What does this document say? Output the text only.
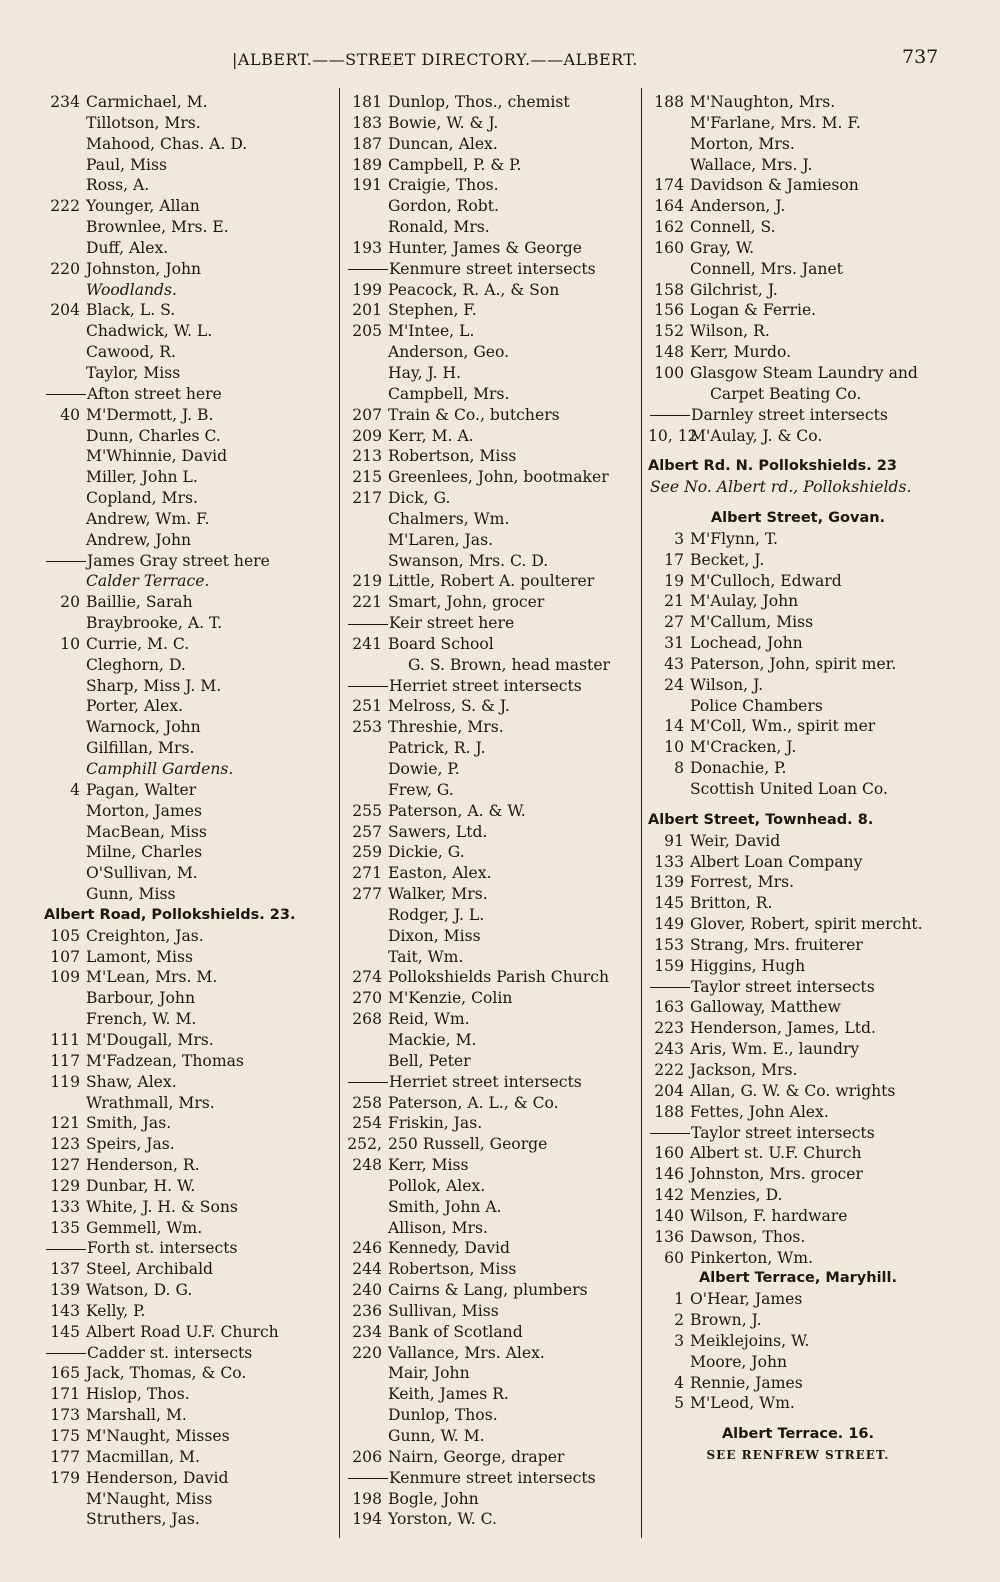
|ALBERT.——STREET DIRECTORY.——ALBERT.	737
234 Carmichael, M.
Tillotson, Mrs.
Mahood, Chas. A. D.
Paul, Miss
Ross, A.
222 Younger, Allan
Brownlee, Mrs. E.
Duff, Alex.
220 Johnston, John
Woodlands.
204 Black, L. S.
Chadwick, W. L.
Cawood, R.
Taylor, Miss
Afton street here
40 M'Dermott, J. B.
Dunn, Charles C.
M'Whinnie, David
Miller, John L.
Copland, Mrs.
Andrew, Wm. F.
Andrew, John
James Gray street here
Calder Terrace.
20 Baillie, Sarah
Braybrooke, A. T.
10 Currie, M. C.
Cleghorn, D.
Sharp, Miss J. M.
Porter, Alex.
Warnock, John
Gilfillan, Mrs.
Camphill Gardens.
4 Pagan, Walter
Morton, James
MacBean, Miss
Milne, Charles
O'Sullivan, M.
Gunn, Miss
Albert Road, Pollokshields. 23.
105 Creighton, Jas.
107 Lamont, Miss
109 M'Lean, Mrs. M.
Barbour, John
French, W. M.
111 M'Dougall, Mrs.
117 M'Fadzean, Thomas
119 Shaw, Alex.
Wrathmall, Mrs.
121 Smith, Jas.
123 Speirs, Jas.
127 Henderson, R.
129 Dunbar, H. W.
133 White, J. H. & Sons
135 Gemmell, Wm.
Forth st. intersects
137 Steel, Archibald
139 Watson, D. G.
143 Kelly, P.
145 Albert Road U.F. Church
Cadder st. intersects
165 Jack, Thomas, & Co.
171 Hislop, Thos.
173 Marshall, M.
175 M'Naught, Misses
177 Macmillan, M.
179 Henderson, David
M'Naught, Miss
Struthers, Jas.
181 Dunlop, Thos., chemist
183 Bowie, W. & J.
187 Duncan, Alex.
189 Campbell, P. & P.
191 Craigie, Thos.
Gordon, Robt.
Ronald, Mrs.
193 Hunter, James & George
Kenmure street intersects
199 Peacock, R. A., & Son
201 Stephen, F.
205 M'Intee, L.
Anderson, Geo.
Hay, J. H.
Campbell, Mrs.
207 Train & Co., butchers
209 Kerr, M. A.
213 Robertson, Miss
215 Greenlees, John, bootmaker
217 Dick, G.
Chalmers, Wm.
M'Laren, Jas.
Swanson, Mrs. C. D.
219 Little, Robert A. poulterer
221 Smart, John, grocer
Keir street here
241 Board School
G. S. Brown, head master
Herriet street intersects
251 Melross, S. & J.
253 Threshie, Mrs.
Patrick, R. J.
Dowie, P.
Frew, G.
255 Paterson, A. & W.
257 Sawers, Ltd.
259 Dickie, G.
271 Easton, Alex.
277 Walker, Mrs.
Rodger, J. L.
Dixon, Miss
Tait, Wm.
274 Pollokshields Parish Church
270 M'Kenzie, Colin
268 Reid, Wm.
Mackie, M.
Bell, Peter
Herriet street intersects
258 Paterson, A. L., & Co.
254 Friskin, Jas.
252, 250 Russell, George
248 Kerr, Miss
Pollok, Alex.
Smith, John A.
Allison, Mrs.
246 Kennedy, David
244 Robertson, Miss
240 Cairns & Lang, plumbers
236 Sullivan, Miss
234 Bank of Scotland
220 Vallance, Mrs. Alex.
Mair, John
Keith, James R.
Dunlop, Thos.
Gunn, W. M.
206 Nairn, George, draper
Kenmure street intersects
198 Bogle, John
194 Yorston, W. C.
188 M'Naughton, Mrs.
M'Farlane, Mrs. M. F.
Morton, Mrs.
Wallace, Mrs. J.
174 Davidson & Jamieson
164 Anderson, J.
162 Connell, S.
160 Gray, W.
Connell, Mrs. Janet
158 Gilchrist, J.
156 Logan & Ferrie.
152 Wilson, R.
148 Kerr, Murdo.
100 Glasgow Steam Laundry and
Carpet Beating Co.
Darnley street intersects
10, 12
M'Aulay, J. & Co.
Albert Rd. N. Pollokshields. 23
See No. Albert rd., Pollokshields.
Albert Street, Govan.
3 M'Flynn, T.
17 Becket, J.
19 M'Culloch, Edward
21 M'Aulay, John
27 M'Callum, Miss
31 Lochead, John
43 Paterson, John, spirit mer.
24 Wilson, J.
Police Chambers
14 M'Coll, Wm., spirit mer
10 M'Cracken, J.
8 Donachie, P.
Scottish United Loan Co.
Albert Street, Townhead. 8.
91 Weir, David
133 Albert Loan Company
139 Forrest, Mrs.
145 Britton, R.
149 Glover, Robert, spirit mercht.
153 Strang, Mrs. fruiterer
159 Higgins, Hugh
Taylor street intersects
163 Galloway, Matthew
223 Henderson, James, Ltd.
243 Aris, Wm. E., laundry
222 Jackson, Mrs.
204 Allan, G. W. & Co. wrights
188 Fettes, John Alex.
Taylor street intersects
160 Albert st. U.F. Church
146 Johnston, Mrs. grocer
142 Menzies, D.
140 Wilson, F. hardware
136 Dawson, Thos.
60 Pinkerton, Wm.
Albert Terrace, Maryhill.
1 O'Hear, James
2 Brown, J.
3 Meiklejoins, W.
Moore, John
4 Rennie, James
5 M'Leod, Wm.
Albert Terrace. 16.
SEE RENFREW STREET.
